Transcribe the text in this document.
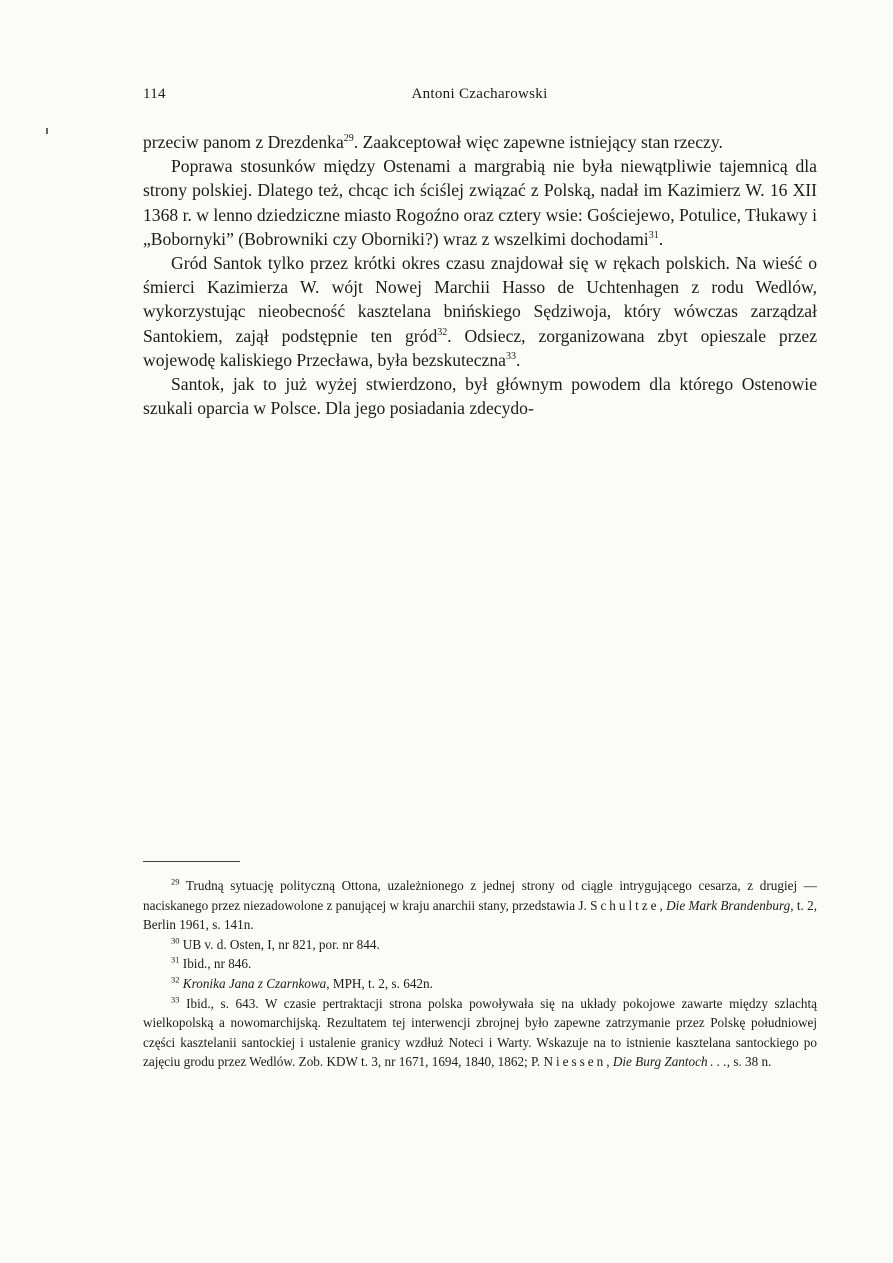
114	Antoni Czacharowski

przeciw panom z Drezdenka$^{29}$. Zaakceptował więc zapewne istniejący stan rzeczy.

Poprawa stosunków między Ostenami a margrabią nie była niewątpliwie tajemnicą dla strony polskiej. Dlatego też, chcąc ich ściślej związać z Polską, nadał im Kazimierz W. 16 XII 1368 r. w lenno dziedziczne miasto Rogoźno oraz cztery wsie: Gościejewo, Potulice, Tłukawy i „Bobornyki” (Bobrowniki czy Oborniki?) wraz z wszelkimi dochodami$^{31}$.

Gród Santok tylko przez krótki okres czasu znajdował się w rękach polskich. Na wieść o śmierci Kazimierza W. wójt Nowej Marchii Hasso de Uchtenhagen z rodu Wedlów, wykorzystując nieobecność kasztelana bnińskiego Sędziwoja, który wówczas zarządzał Santokiem, zajął podstępnie ten gród$^{32}$. Odsiecz, zorganizowana zbyt opieszale przez wojewodę kaliskiego Przecława, była bezskuteczna$^{33}$.

Santok, jak to już wyżej stwierdzono, był głównym powodem dla którego Ostenowie szukali oparcia w Polsce. Dla jego posiadania zdecydo-

$^{29}$ Trudną sytuację polityczną Ottona, uzależnionego z jednej strony od ciągle intrygującego cesarza, z drugiej — naciskanego przez niezadowolone z panującej w kraju anarchii stany, przedstawia J. Schultze, Die Mark Brandenburg, t. 2, Berlin 1961, s. 141n.

$^{30}$ UB v. d. Osten, I, nr 821, por. nr 844.

$^{31}$ Ibid., nr 846.

$^{32}$ Kronika Jana z Czarnkowa, MPH, t. 2, s. 642n.

$^{33}$ Ibid., s. 643. W czasie pertraktacji strona polska powoływała się na układy pokojowe zawarte między szlachtą wielkopolską a nowomarchijską. Rezultatem tej interwencji zbrojnej było zapewne zatrzymanie przez Polskę południowej części kasztelanii santockiej i ustalenie granicy wzdłuż Noteci i Warty. Wskazuje na to istnienie kasztelana santockiego po zajęciu grodu przez Wedlów. Zob. KDW t. 3, nr 1671, 1694, 1840, 1862; P. Niessen, Die Burg Zantoch . . ., s. 38 n.
